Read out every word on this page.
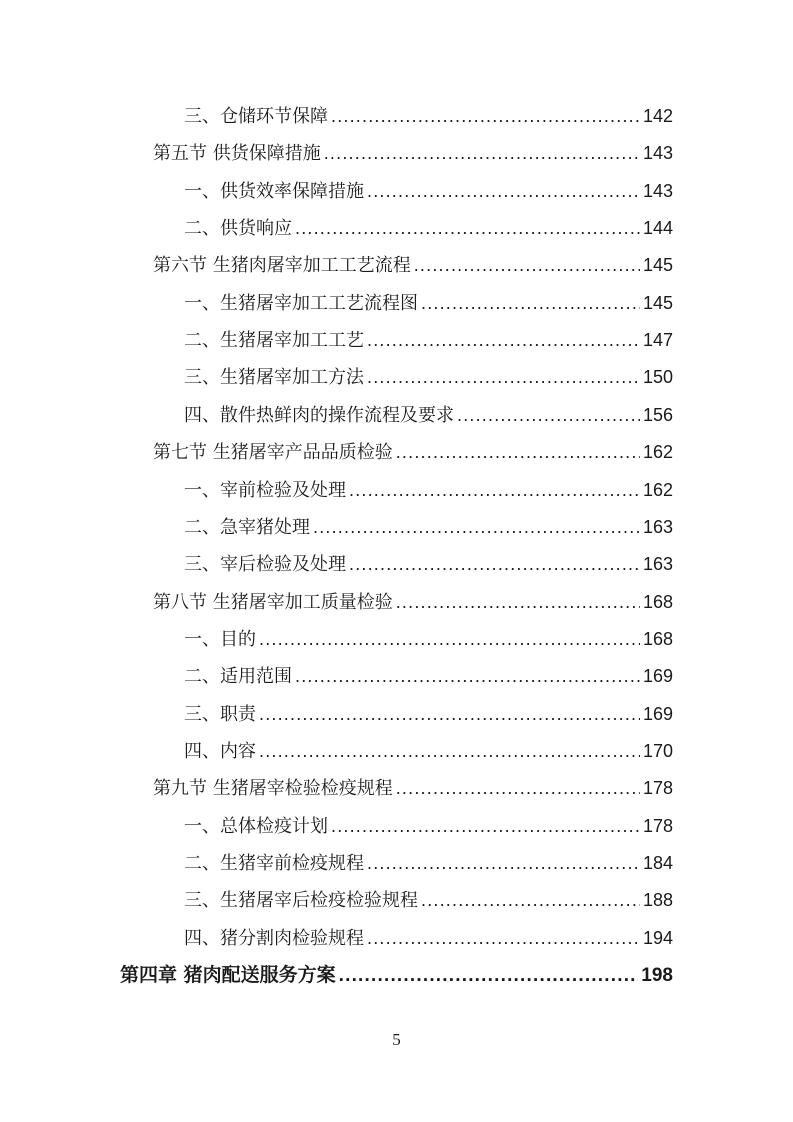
三、仓储环节保障 .....	142
第五节 供货保障措施 .....	143
一、供货效率保障措施 .....	143
二、供货响应 .....	144
第六节 生猪肉屠宰加工工艺流程 .....	145
一、生猪屠宰加工工艺流程图 .....	145
二、生猪屠宰加工工艺 .....	147
三、生猪屠宰加工方法 .....	150
四、散件热鲜肉的操作流程及要求 .....	156
第七节 生猪屠宰产品品质检验 .....	162
一、宰前检验及处理 .....	162
二、急宰猪处理 .....	163
三、宰后检验及处理 .....	163
第八节 生猪屠宰加工质量检验 .....	168
一、目的 .....	168
二、适用范围 .....	169
三、职责 .....	169
四、内容 .....	170
第九节 生猪屠宰检验检疫规程 .....	178
一、总体检疫计划 .....	178
二、生猪宰前检疫规程 .....	184
三、生猪屠宰后检疫检验规程 .....	188
四、猪分割肉检验规程 .....	194
第四章 猪肉配送服务方案 .....	198
5
